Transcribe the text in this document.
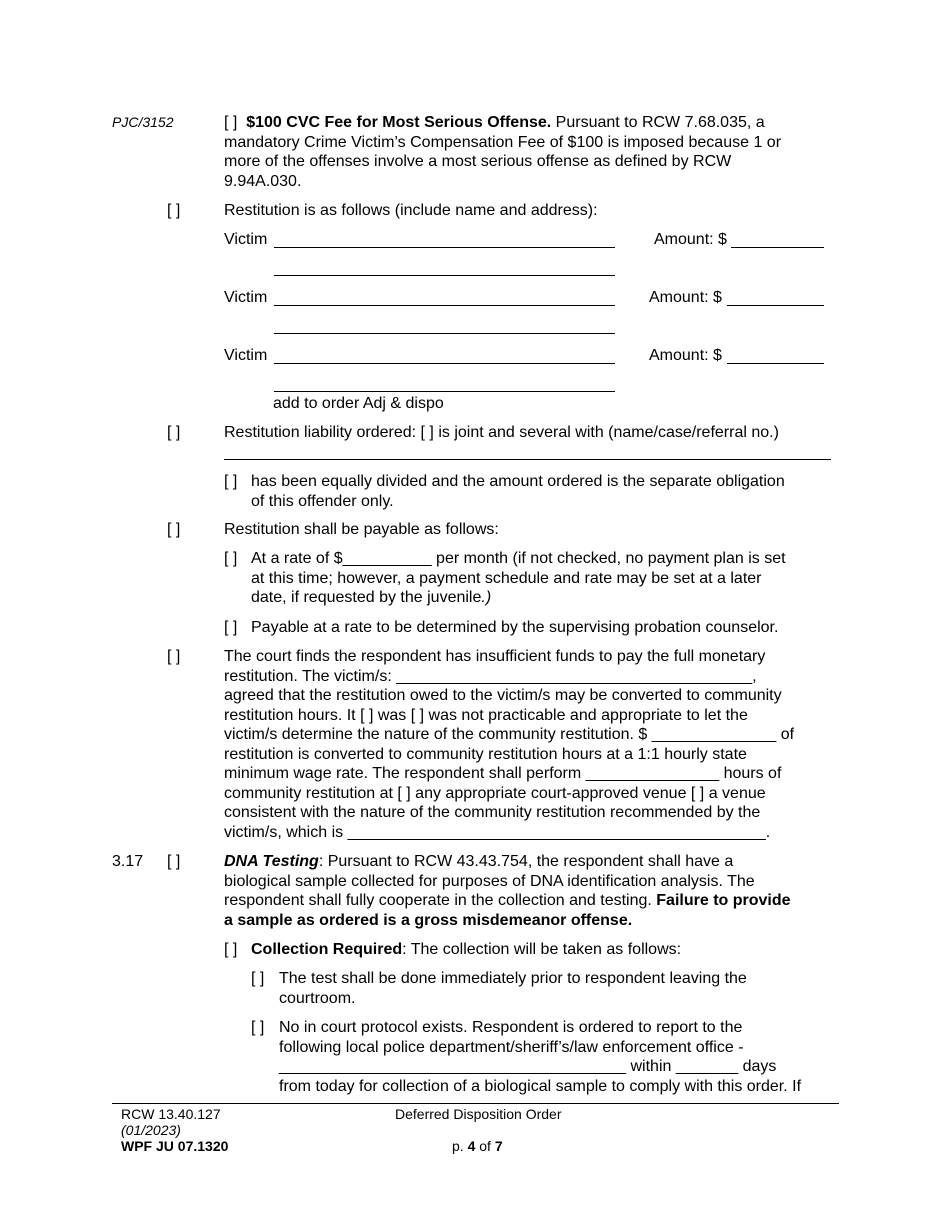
PJC/3152	[ ] $100 CVC Fee for Most Serious Offense. Pursuant to RCW 7.68.035, a
mandatory Crime Victim’s Compensation Fee of $100 is imposed because 1 or
more of the offenses involve a most serious offense as defined by RCW
9.94A.030.
[ ]	Restitution is as follows (include name and address):
Victim	Amount: $
Victim	Amount: $
Victim	Amount: $
add to order Adj & dispo
[ ]	Restitution liability ordered: [ ] is joint and several with (name/case/referral no.)
[ ] has been equally divided and the amount ordered is the separate obligation
of this offender only.
[ ]	Restitution shall be payable as follows:
[ ] At a rate of $__________ per month (if not checked, no payment plan is set
at this time; however, a payment schedule and rate may be set at a later
date, if requested by the juvenile.)
[ ] Payable at a rate to be determined by the supervising probation counselor.
[ ]	The court finds the respondent has insufficient funds to pay the full monetary
restitution. The victim/s: ________________________________________,
agreed that the restitution owed to the victim/s may be converted to community
restitution hours. It [ ] was [ ] was not practicable and appropriate to let the
victim/s determine the nature of the community restitution. $ ______________ of
restitution is converted to community restitution hours at a 1:1 hourly state
minimum wage rate. The respondent shall perform _______________ hours of
community restitution at [ ] any appropriate court-approved venue [ ] a venue
consistent with the nature of the community restitution recommended by the
victim/s, which is _______________________________________________.
3.17 [ ]	DNA Testing: Pursuant to RCW 43.43.754, the respondent shall have a
biological sample collected for purposes of DNA identification analysis. The
respondent shall fully cooperate in the collection and testing. Failure to provide
a sample as ordered is a gross misdemeanor offense.
[ ] Collection Required: The collection will be taken as follows:
[ ] The test shall be done immediately prior to respondent leaving the
courtroom.
[ ] No in court protocol exists. Respondent is ordered to report to the
following local police department/sheriff’s/law enforcement office -
_______________________________________ within _______ days
from today for collection of a biological sample to comply with this order. If
RCW 13.40.127
(01/2023)
WPF JU 07.1320
Deferred Disposition Order
p. 4 of 7
